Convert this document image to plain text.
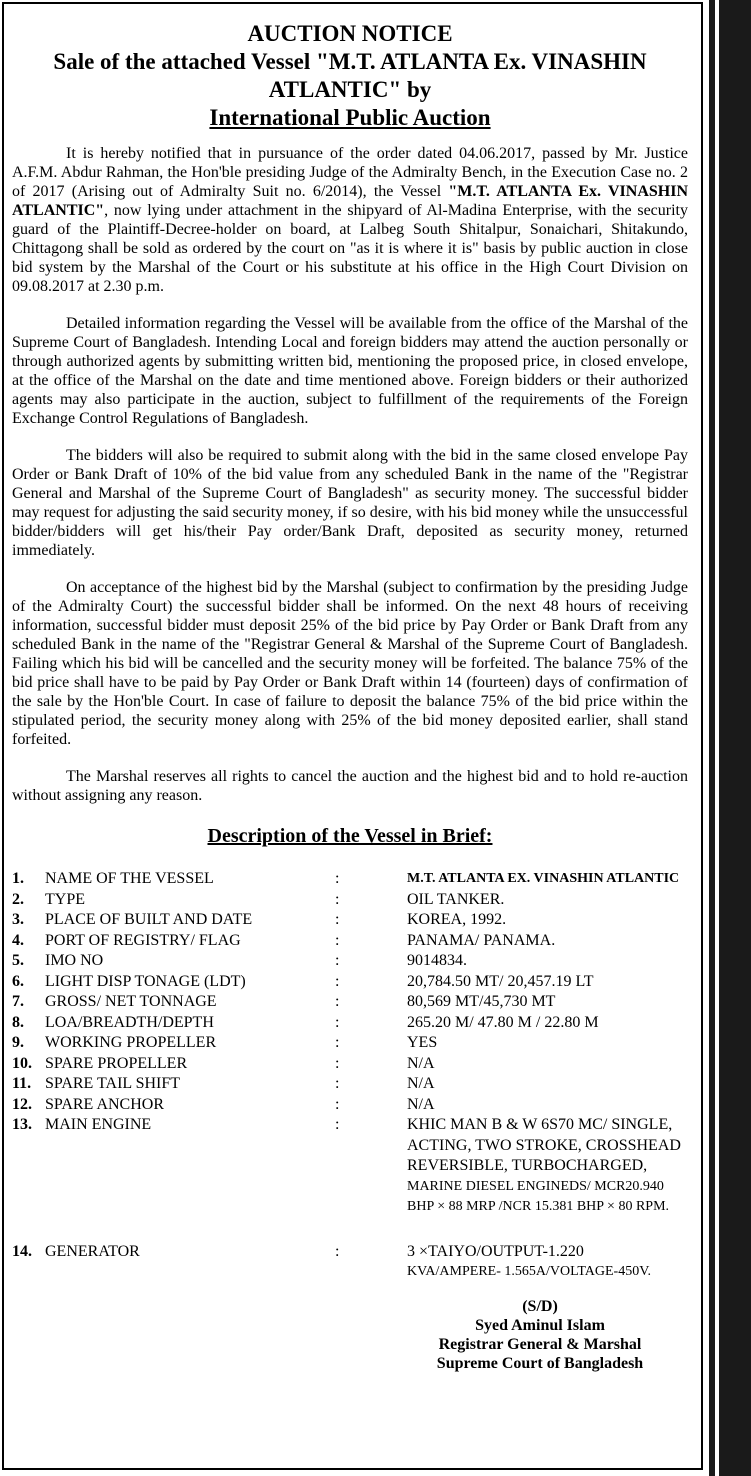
AUCTION NOTICE
Sale of the attached Vessel "M.T. ATLANTA Ex. VINASHIN
ATLANTIC" by
International Public Auction

It is hereby notified that in pursuance of the order dated 04.06.2017, passed by Mr. Justice A.F.M. Abdur Rahman, the Hon'ble presiding Judge of the Admiralty Bench, in the Execution Case no. 2 of 2017 (Arising out of Admiralty Suit no. 6/2014), the Vessel "M.T. ATLANTA Ex. VINASHIN ATLANTIC", now lying under attachment in the shipyard of Al-Madina Enterprise, with the security guard of the Plaintiff-Decree-holder on board, at Lalbeg South Shitalpur, Sonaichari, Shitakundo, Chittagong shall be sold as ordered by the court on "as it is where it is" basis by public auction in close bid system by the Marshal of the Court or his substitute at his office in the High Court Division on 09.08.2017 at 2.30 p.m.

Detailed information regarding the Vessel will be available from the office of the Marshal of the Supreme Court of Bangladesh. Intending Local and foreign bidders may attend the auction personally or through authorized agents by submitting written bid, mentioning the proposed price, in closed envelope, at the office of the Marshal on the date and time mentioned above. Foreign bidders or their authorized agents may also participate in the auction, subject to fulfillment of the requirements of the Foreign Exchange Control Regulations of Bangladesh.

The bidders will also be required to submit along with the bid in the same closed envelope Pay Order or Bank Draft of 10% of the bid value from any scheduled Bank in the name of the "Registrar General and Marshal of the Supreme Court of Bangladesh" as security money. The successful bidder may request for adjusting the said security money, if so desire, with his bid money while the unsuccessful bidder/bidders will get his/their Pay order/Bank Draft, deposited as security money, returned immediately.

On acceptance of the highest bid by the Marshal (subject to confirmation by the presiding Judge of the Admiralty Court) the successful bidder shall be informed. On the next 48 hours of receiving information, successful bidder must deposit 25% of the bid price by Pay Order or Bank Draft from any scheduled Bank in the name of the "Registrar General & Marshal of the Supreme Court of Bangladesh. Failing which his bid will be cancelled and the security money will be forfeited. The balance 75% of the bid price shall have to be paid by Pay Order or Bank Draft within 14 (fourteen) days of confirmation of the sale by the Hon'ble Court. In case of failure to deposit the balance 75% of the bid price within the stipulated period, the security money along with 25% of the bid money deposited earlier, shall stand forfeited.

The Marshal reserves all rights to cancel the auction and the highest bid and to hold re-auction without assigning any reason.

Description of the Vessel in Brief:
1.	NAME OF THE VESSEL	:	M.T. ATLANTA EX. VINASHIN ATLANTIC

2.	TYPE	:	OIL TANKER.

3.	PLACE OF BUILT AND DATE	:	KOREA, 1992.

4.	PORT OF REGISTRY/ FLAG	:	PANAMA/ PANAMA.

5.	IMO NO	:	9014834.

6.	LIGHT DISP TONAGE (LDT)	:	20,784.50 MT/ 20,457.19 LT

7.	GROSS/ NET TONNAGE	:	80,569 MT/45,730 MT

8.	LOA/BREADTH/DEPTH	:	265.20 M/ 47.80 M / 22.80 M

9.	WORKING PROPELLER	:	YES

10.	SPARE PROPELLER	:	N/A

11.	SPARE TAIL SHIFT	:	N/A

12.	SPARE ANCHOR	:	N/A

13.	MAIN ENGINE	:	KHIC MAN B & W 6S70 MC/ SINGLE,
ACTING, TWO STROKE, CROSSHEAD
REVERSIBLE, TURBOCHARGED,
MARINE DIESEL ENGINEDS/ MCR20.940
BHP × 88 MRP /NCR 15.381 BHP × 80 RPM.

14.	GENERATOR	:	3 ×TAIYO/OUTPUT-1.220
KVA/AMPERE- 1.565A/VOLTAGE-450V.
(S/D)
Syed Aminul Islam
Registrar General & Marshal
Supreme Court of Bangladesh
